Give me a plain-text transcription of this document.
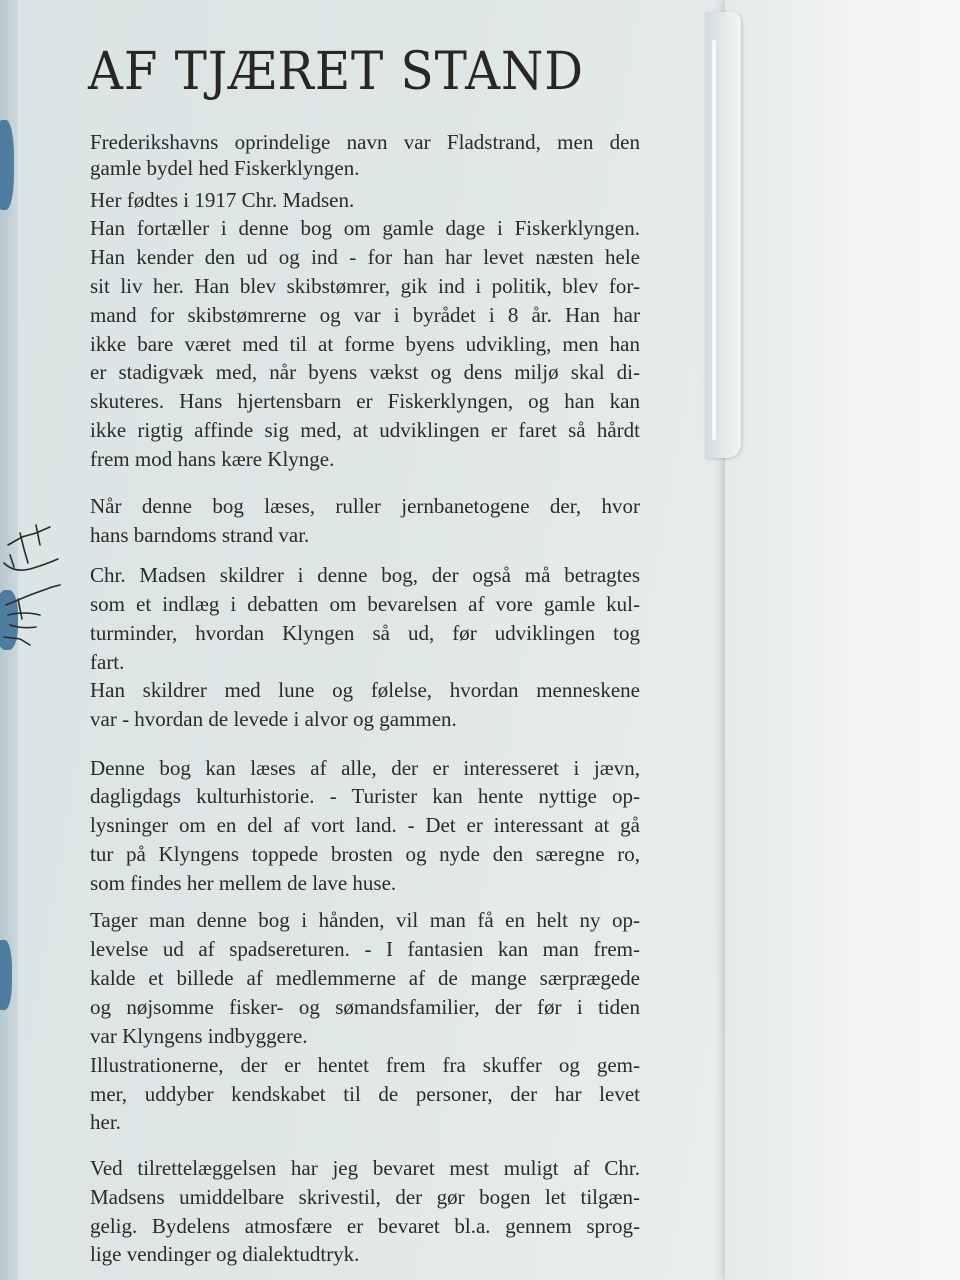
AF TJÆRET STAND
Frederikshavns oprindelige navn var Fladstrand, men den
gamle bydel hed Fiskerklyngen.
Her fødtes i 1917 Chr. Madsen.
Han fortæller i denne bog om gamle dage i Fiskerklyngen.
Han kender den ud og ind - for han har levet næsten hele
sit liv her. Han blev skibstømrer, gik ind i politik, blev for-
mand for skibstømrerne og var i byrådet i 8 år. Han har
ikke bare været med til at forme byens udvikling, men han
er stadigvæk med, når byens vækst og dens miljø skal di-
skuteres. Hans hjertensbarn er Fiskerklyngen, og han kan
ikke rigtig affinde sig med, at udviklingen er faret så hårdt
frem mod hans kære Klynge.
Når denne bog læses, ruller jernbanetogene der, hvor
hans barndoms strand var.
Chr. Madsen skildrer i denne bog, der også må betragtes
som et indlæg i debatten om bevarelsen af vore gamle kul-
turminder, hvordan Klyngen så ud, før udviklingen tog
fart.
Han skildrer med lune og følelse, hvordan menneskene
var - hvordan de levede i alvor og gammen.
Denne bog kan læses af alle, der er interesseret i jævn,
dagligdags kulturhistorie. - Turister kan hente nyttige op-
lysninger om en del af vort land. - Det er interessant at gå
tur på Klyngens toppede brosten og nyde den særegne ro,
som findes her mellem de lave huse.
Tager man denne bog i hånden, vil man få en helt ny op-
levelse ud af spadsereturen. - I fantasien kan man frem-
kalde et billede af medlemmerne af de mange særprægede
og nøjsomme fisker- og sømandsfamilier, der før i tiden
var Klyngens indbyggere.
Illustrationerne, der er hentet frem fra skuffer og gem-
mer, uddyber kendskabet til de personer, der har levet
her.
Ved tilrettelæggelsen har jeg bevaret mest muligt af Chr.
Madsens umiddelbare skrivestil, der gør bogen let tilgæn-
gelig. Bydelens atmosfære er bevaret bl.a. gennem sprog-
lige vendinger og dialektudtryk.
